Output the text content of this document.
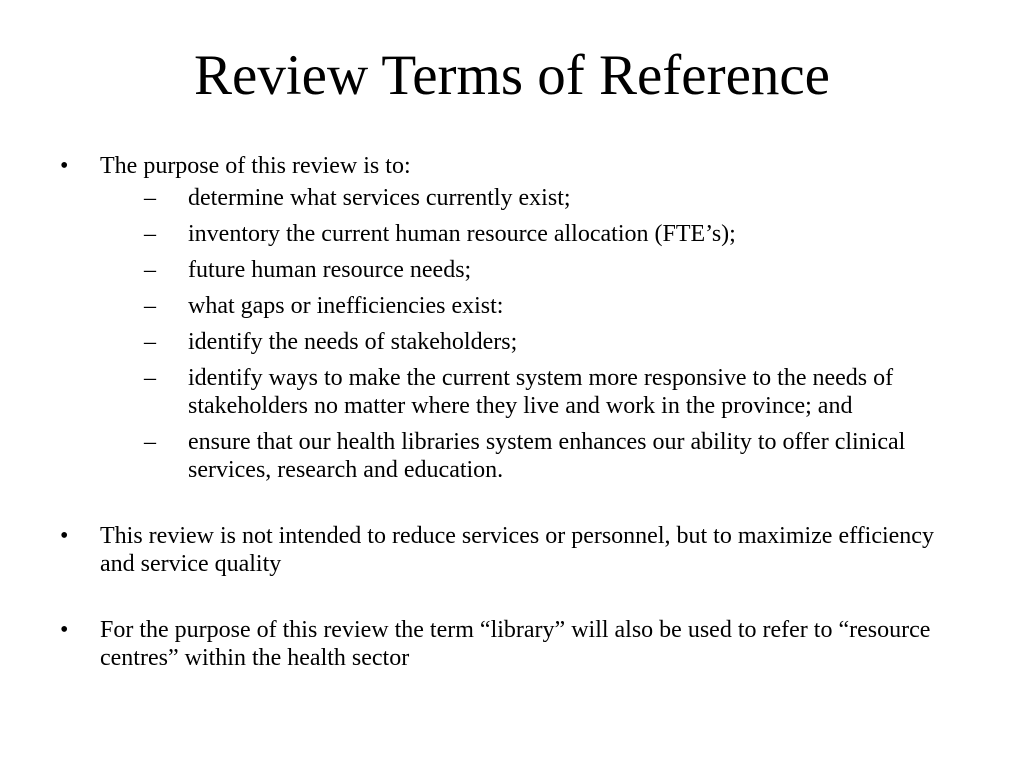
Review Terms of Reference
• The purpose of this review is to:
– determine what services currently exist;
– inventory the current human resource allocation (FTE’s);
– future human resource needs;
– what gaps or inefficiencies exist:
– identify the needs of stakeholders;
– identify ways to make the current system more responsive to the needs of stakeholders no matter where they live and work in the province; and
– ensure that our health libraries system enhances our ability to offer clinical services, research and education.
• This review is not intended to reduce services or personnel, but to maximize efficiency and service quality
• For the purpose of this review the term “library” will also be used to refer to “resource centres” within the health sector
